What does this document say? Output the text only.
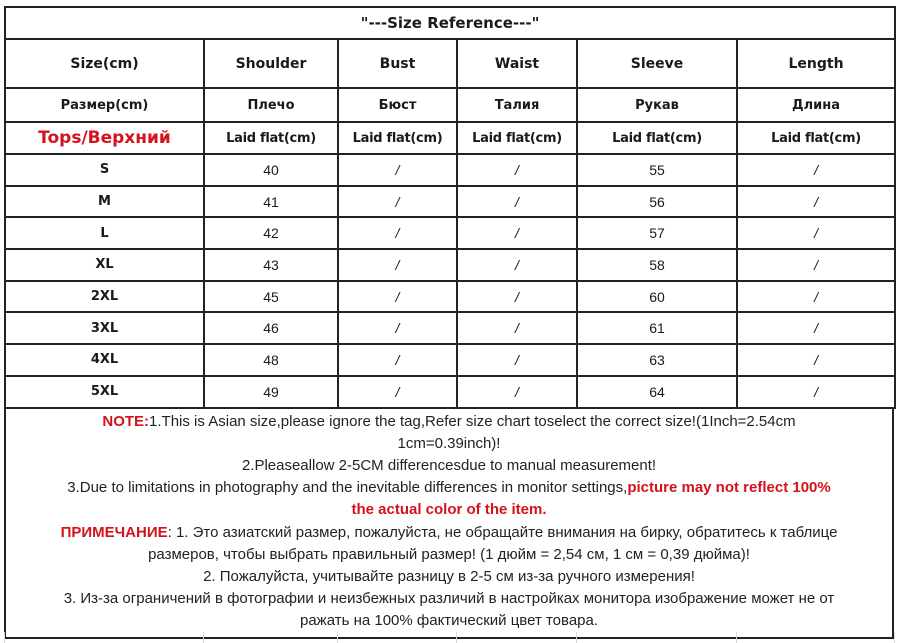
"---Size Reference---"					
Size(cm)	Shoulder	Bust	Waist	Sleeve	Length
Размер(cm)	Плечо	Бюст	Талия	Рукав	Длина
Tops/Верхний	Laid flat(cm)	Laid flat(cm)	Laid flat(cm)	Laid flat(cm)	Laid flat(cm)
S	40	/	/	55	/
M	41	/	/	56	/
L	42	/	/	57	/
XL	43	/	/	58	/
2XL	45	/	/	60	/
3XL	46	/	/	61	/
4XL	48	/	/	63	/
5XL	49	/	/	64	/
NOTE:1.This is Asian size,please ignore the tag,Refer size chart toselect the correct size!(1Inch=2.54cm
1cm=0.39inch)!
2.Pleaseallow 2-5CM differencesdue to manual measurement!
3.Due to limitations in photography and the inevitable differences in monitor settings,picture may not reflect 100%
the actual color of the item.
ПРИМЕЧАНИЕ: 1. Это азиатский размер, пожалуйста, не обращайте внимания на бирку, обратитесь к таблице
размеров, чтобы выбрать правильный размер! (1 дюйм = 2,54 см, 1 см = 0,39 дюйма)!
2. Пожалуйста, учитывайте разницу в 2-5 см из-за ручного измерения!
3. Из-за ограничений в фотографии и неизбежных различий в настройках монитора изображение может не от
ражать на 100% фактический цвет товара.
